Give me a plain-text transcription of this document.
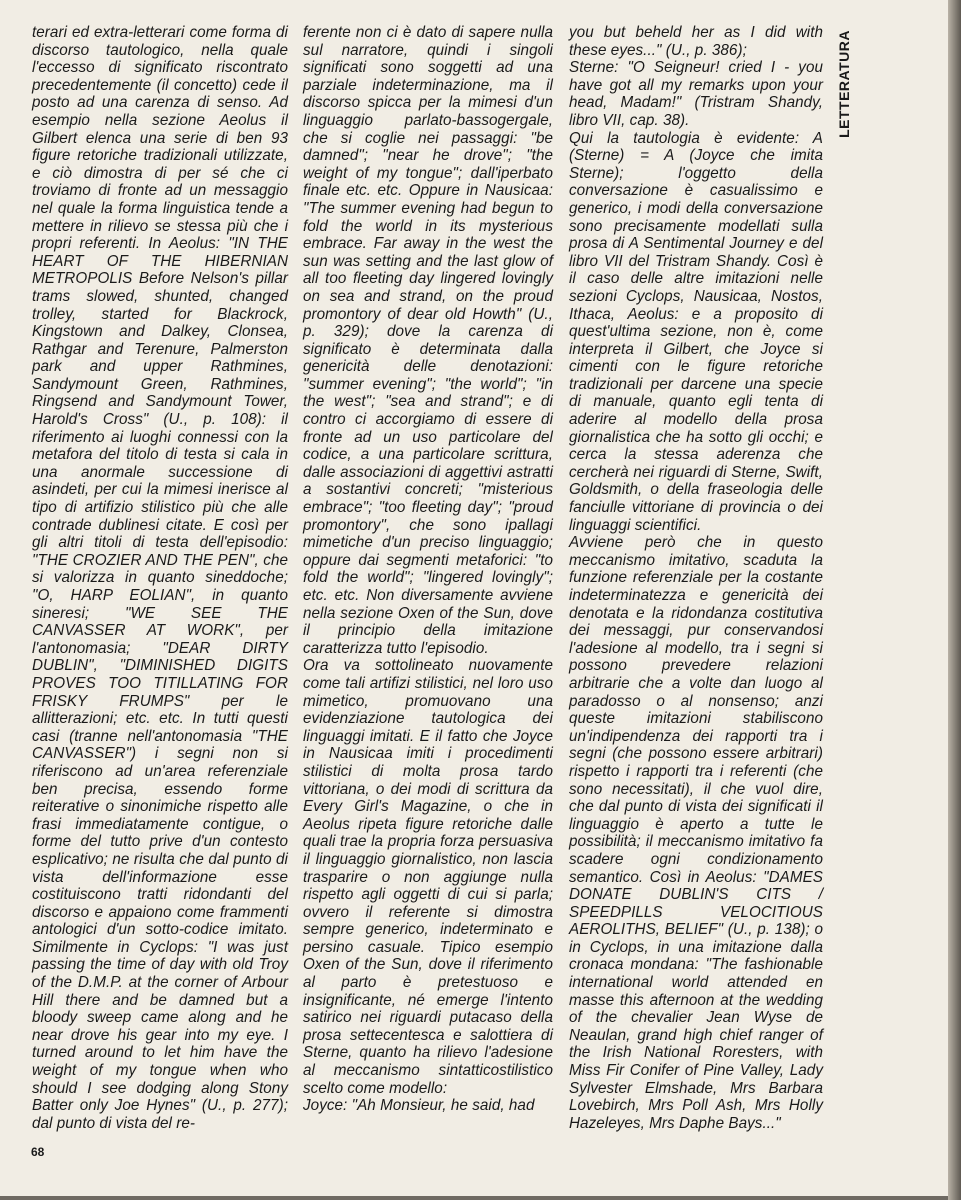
terari ed extra-letterari come forma di discorso tautologico, nella quale l'eccesso di significato riscontrato precedentemente (il concetto) cede il posto ad una carenza di senso. Ad esempio nella sezione Aeolus il Gilbert elenca una serie di ben 93 figure retoriche tradizionali utilizzate, e ciò dimostra di per sé che ci troviamo di fronte ad un messaggio nel quale la forma linguistica tende a mettere in rilievo se stessa più che i propri referenti. In Aeolus: "IN THE HEART OF THE HIBERNIAN METROPOLIS Before Nelson's pillar trams slowed, shunted, changed trolley, started for Blackrock, Kingstown and Dalkey, Clonsea, Rathgar and Terenure, Palmerston park and upper Rathmines, Sandymount Green, Rathmines, Ringsend and Sandymount Tower, Harold's Cross" (U., p. 108): il riferimento ai luoghi connessi con la metafora del titolo di testa si cala in una anormale successione di asindeti, per cui la mimesi inerisce al tipo di artifizio stilistico più che alle contrade dublinesi citate. E così per gli altri titoli di testa dell'episodio: "THE CROZIER AND THE PEN", che si valorizza in quanto sineddoche; "O, HARP EOLIAN", in quanto sineresi; "WE SEE THE CANVASSER AT WORK", per l'antonomasia; "DEAR DIRTY DUBLIN", "DIMINISHED DIGITS PROVES TOO TITILLATING FOR FRISKY FRUMPS" per le allitterazioni; etc. etc. In tutti questi casi (tranne nell'antonomasia "THE CANVASSER") i segni non si riferiscono ad un'area referenziale ben precisa, essendo forme reiterative o sinonimiche rispetto alle frasi immediatamente contigue, o forme del tutto prive d'un contesto esplicativo; ne risulta che dal punto di vista dell'informazione esse costituiscono tratti ridondanti del discorso e appaiono come frammenti antologici d'un sotto-codice imitato. Similmente in Cyclops: "I was just passing the time of day with old Troy of the D.M.P. at the corner of Arbour Hill there and be damned but a bloody sweep came along and he near drove his gear into my eye. I turned around to let him have the weight of my tongue when who should I see dodging along Stony Batter only Joe Hynes" (U., p. 277); dal punto di vista del re-

ferente non ci è dato di sapere nulla sul narratore, quindi i singoli significati sono soggetti ad una parziale indeterminazione, ma il discorso spicca per la mimesi d'un linguaggio parlato-bassogergale, che si coglie nei passaggi: "be damned"; "near he drove"; "the weight of my tongue"; dall'iperbato finale etc. etc. Oppure in Nausicaa: "The summer evening had begun to fold the world in its mysterious embrace. Far away in the west the sun was setting and the last glow of all too fleeting day lingered lovingly on sea and strand, on the proud promontory of dear old Howth" (U., p. 329); dove la carenza di significato è determinata dalla genericità delle denotazioni: "summer evening"; "the world"; "in the west"; "sea and strand"; e di contro ci accorgiamo di essere di fronte ad un uso particolare del codice, a una particolare scrittura, dalle associazioni di aggettivi astratti a sostantivi concreti; "misterious embrace"; "too fleeting day"; "proud promontory", che sono ipallagi mimetiche d'un preciso linguaggio; oppure dai segmenti metaforici: "to fold the world"; "lingered lovingly"; etc. etc. Non diversamente avviene nella sezione Oxen of the Sun, dove il principio della imitazione caratterizza tutto l'episodio.

Ora va sottolineato nuovamente come tali artifizi stilistici, nel loro uso mimetico, promuovano una evidenziazione tautologica dei linguaggi imitati. E il fatto che Joyce in Nausicaa imiti i procedimenti stilistici di molta prosa tardo vittoriana, o dei modi di scrittura da Every Girl's Magazine, o che in Aeolus ripeta figure retoriche dalle quali trae la propria forza persuasiva il linguaggio giornalistico, non lascia trasparire o non aggiunge nulla rispetto agli oggetti di cui si parla; ovvero il referente si dimostra sempre generico, indeterminato e persino casuale. Tipico esempio Oxen of the Sun, dove il riferimento al parto è pretestuoso e insignificante, né emerge l'intento satirico nei riguardi putacaso della prosa settecentesca e salottiera di Sterne, quanto ha rilievo l'adesione al meccanismo sintatticostilistico scelto come modello:

Joyce: "Ah Monsieur, he said, had

you but beheld her as I did with these eyes..." (U., p. 386);

Sterne: "O Seigneur! cried I - you have got all my remarks upon your head, Madam!" (Tristram Shandy, libro VII, cap. 38).

Qui la tautologia è evidente: A (Sterne) = A (Joyce che imita Sterne); l'oggetto della conversazione è casualissimo e generico, i modi della conversazione sono precisamente modellati sulla prosa di A Sentimental Journey e del libro VII del Tristram Shandy. Così è il caso delle altre imitazioni nelle sezioni Cyclops, Nausicaa, Nostos, Ithaca, Aeolus: e a proposito di quest'ultima sezione, non è, come interpreta il Gilbert, che Joyce si cimenti con le figure retoriche tradizionali per darcene una specie di manuale, quanto egli tenta di aderire al modello della prosa giornalistica che ha sotto gli occhi; e cerca la stessa aderenza che cercherà nei riguardi di Sterne, Swift, Goldsmith, o della fraseologia delle fanciulle vittoriane di provincia o dei linguaggi scientifici.

Avviene però che in questo meccanismo imitativo, scaduta la funzione referenziale per la costante indeterminatezza e genericità dei denotata e la ridondanza costitutiva dei messaggi, pur conservandosi l'adesione al modello, tra i segni si possono prevedere relazioni arbitrarie che a volte dan luogo al paradosso o al nonsenso; anzi queste imitazioni stabiliscono un'indipendenza dei rapporti tra i segni (che possono essere arbitrari) rispetto i rapporti tra i referenti (che sono necessitati), il che vuol dire, che dal punto di vista dei significati il linguaggio è aperto a tutte le possibilità; il meccanismo imitativo fa scadere ogni condizionamento semantico. Così in Aeolus: "DAMES DONATE DUBLIN'S CITS / SPEEDPILLS VELOCITIOUS AEROLITHS, BELIEF" (U., p. 138); o in Cyclops, in una imitazione dalla cronaca mondana: "The fashionable international world attended en masse this afternoon at the wedding of the chevalier Jean Wyse de Neaulan, grand high chief ranger of the Irish National Roresters, with Miss Fir Conifer of Pine Valley, Lady Sylvester Elmshade, Mrs Barbara Lovebirch, Mrs Poll Ash, Mrs Holly Hazeleyes, Mrs Daphe Bays..."

LETTERATURA
68
